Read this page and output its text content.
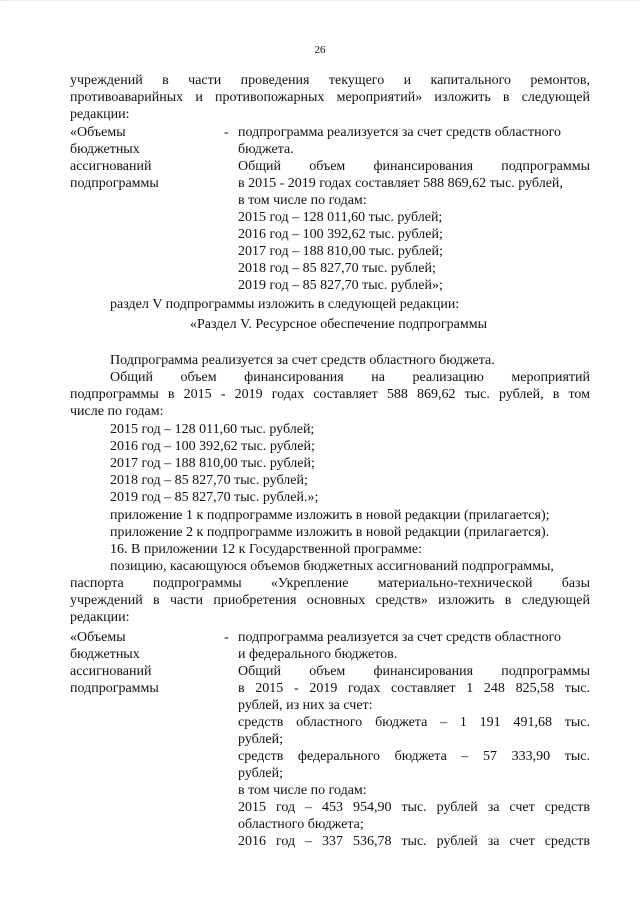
26
учреждений в части проведения текущего и капитального ремонтов,
противоаварийных и противопожарных мероприятий» изложить в следующей
редакции:
«Объемы
бюджетных
ассигнований
подпрограммы
- подпрограмма реализуется за счет средств областного
бюджета.
Общий объем финансирования подпрограммы
в 2015 - 2019 годах составляет 588 869,62 тыс. рублей,
в том числе по годам:
2015 год – 128 011,60 тыс. рублей;
2016 год – 100 392,62 тыс. рублей;
2017 год – 188 810,00 тыс. рублей;
2018 год – 85 827,70 тыс. рублей;
2019 год – 85 827,70 тыс. рублей»;
раздел V подпрограммы изложить в следующей редакции:
«Раздел V. Ресурсное обеспечение подпрограммы
Подпрограмма реализуется за счет средств областного бюджета.
Общий объем финансирования на реализацию мероприятий
подпрограммы в 2015 - 2019 годах составляет 588 869,62 тыс. рублей, в том
числе по годам:
2015 год – 128 011,60 тыс. рублей;
2016 год – 100 392,62 тыс. рублей;
2017 год – 188 810,00 тыс. рублей;
2018 год – 85 827,70 тыс. рублей;
2019 год – 85 827,70 тыс. рублей.»;
приложение 1 к подпрограмме изложить в новой редакции (прилагается);
приложение 2 к подпрограмме изложить в новой редакции (прилагается).
16. В приложении 12 к Государственной программе:
позицию, касающуюся объемов бюджетных ассигнований подпрограммы,
паспорта подпрограммы «Укрепление материально-технической базы
учреждений в части приобретения основных средств» изложить в следующей
редакции:
«Объемы
бюджетных
ассигнований
подпрограммы
- подпрограмма реализуется за счет средств областного
и федерального бюджетов.
Общий объем финансирования подпрограммы
в 2015 - 2019 годах составляет 1 248 825,58 тыс.
рублей, из них за счет:
средств областного бюджета – 1 191 491,68 тыс.
рублей;
средств федерального бюджета – 57 333,90 тыс.
рублей;
в том числе по годам:
2015 год – 453 954,90 тыс. рублей за счет средств
областного бюджета;
2016 год – 337 536,78 тыс. рублей за счет средств
